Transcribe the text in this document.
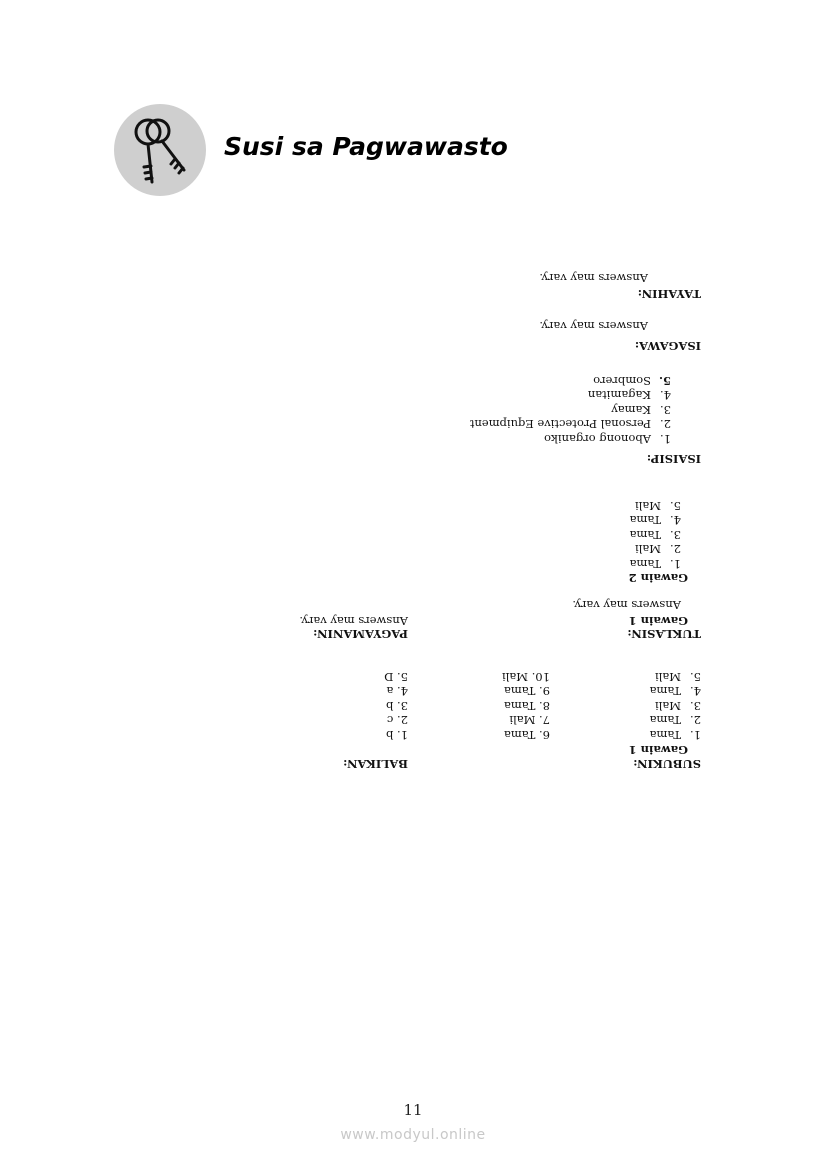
Susi sa Pagwawasto
SUBUKIN:
Gawain 1
1.Tama
2.Tama
3.Mali
4.Tama
5.Mali
6. Tama
7. Mali
8. Tama
9. Tama
10. Mali
BALIKAN:
1. b
2. c
3. b
4. a
5. D
TUKLASIN:
Gawain 1
Answers may vary.
Gawain 2
1.Tama
2.Mali
3.Tama
4.Tama
5.Mali
PAGYAMANIN:
Answers may vary.
ISAISIP:
1.Abonong organiko
2.Personal Protective Equipment
3.Kamay
4.Kagamitan
5.Sombrero
ISAGAWA:
Answers may vary.
TAYAHIN:
Answers may vary.
11
www.modyul.online
